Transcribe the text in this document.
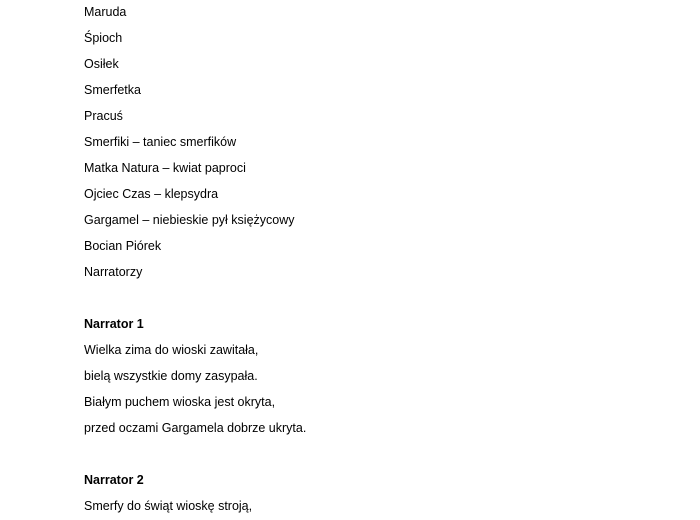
Maruda
Śpioch
Osiłek
Smerfetka
Pracuś
Smerfiki – taniec smerfików
Matka Natura – kwiat paproci
Ojciec Czas – klepsydra
Gargamel – niebieskie pył księżycowy
Bocian Piórek
Narratorzy
Narrator 1
Wielka zima do wioski zawitała,
bielą wszystkie domy zasypała.
Białym puchem wioska jest okryta,
przed oczami Gargamela dobrze ukryta.
Narrator 2
Smerfy do świąt wioskę stroją,
